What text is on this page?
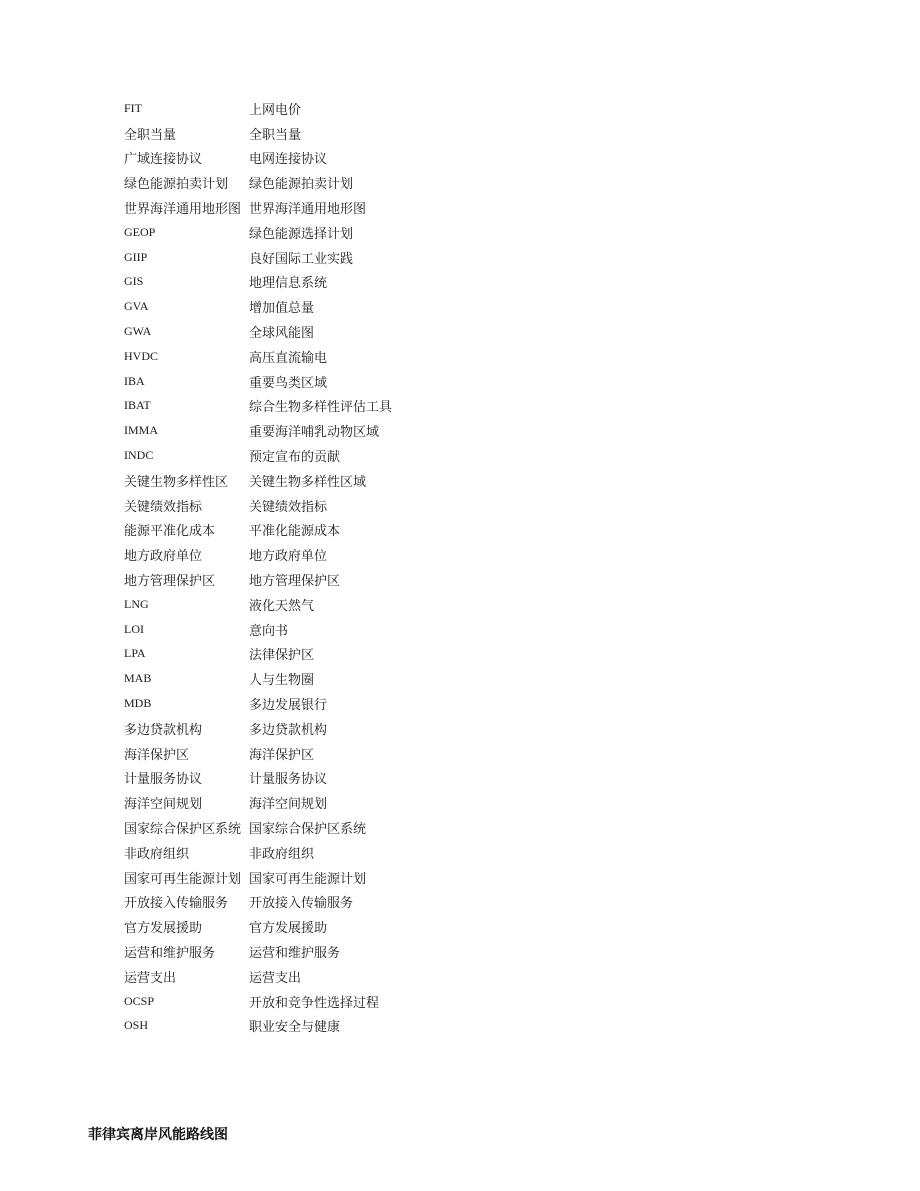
FIT	上网电价
全职当量	全职当量
广域连接协议	电网连接协议
绿色能源拍卖计划	绿色能源拍卖计划
世界海洋通用地形图 世界海洋通用地形图
GEOP	绿色能源选择计划
GIIP	良好国际工业实践
GIS	地理信息系统
GVA	增加值总量
GWA	全球风能图
HVDC	高压直流输电
IBA	重要鸟类区域
IBAT	综合生物多样性评估工具
IMMA	重要海洋哺乳动物区域
INDC	预定宣布的贡献
关键生物多样性区	关键生物多样性区域
关键绩效指标	关键绩效指标
能源平准化成本	平准化能源成本
地方政府单位	地方政府单位
地方管理保护区	地方管理保护区
LNG	液化天然气
LOI	意向书
LPA	法律保护区
MAB	人与生物圈
MDB	多边发展银行
多边贷款机构	多边贷款机构
海洋保护区	海洋保护区
计量服务协议	计量服务协议
海洋空间规划	海洋空间规划
国家综合保护区系统 国家综合保护区系统
非政府组织	非政府组织
国家可再生能源计划 国家可再生能源计划
开放接入传输服务	开放接入传输服务
官方发展援助	官方发展援助
运营和维护服务	运营和维护服务
运营支出	运营支出
OCSP	开放和竞争性选择过程
OSH	职业安全与健康
菲律宾离岸风能路线图
